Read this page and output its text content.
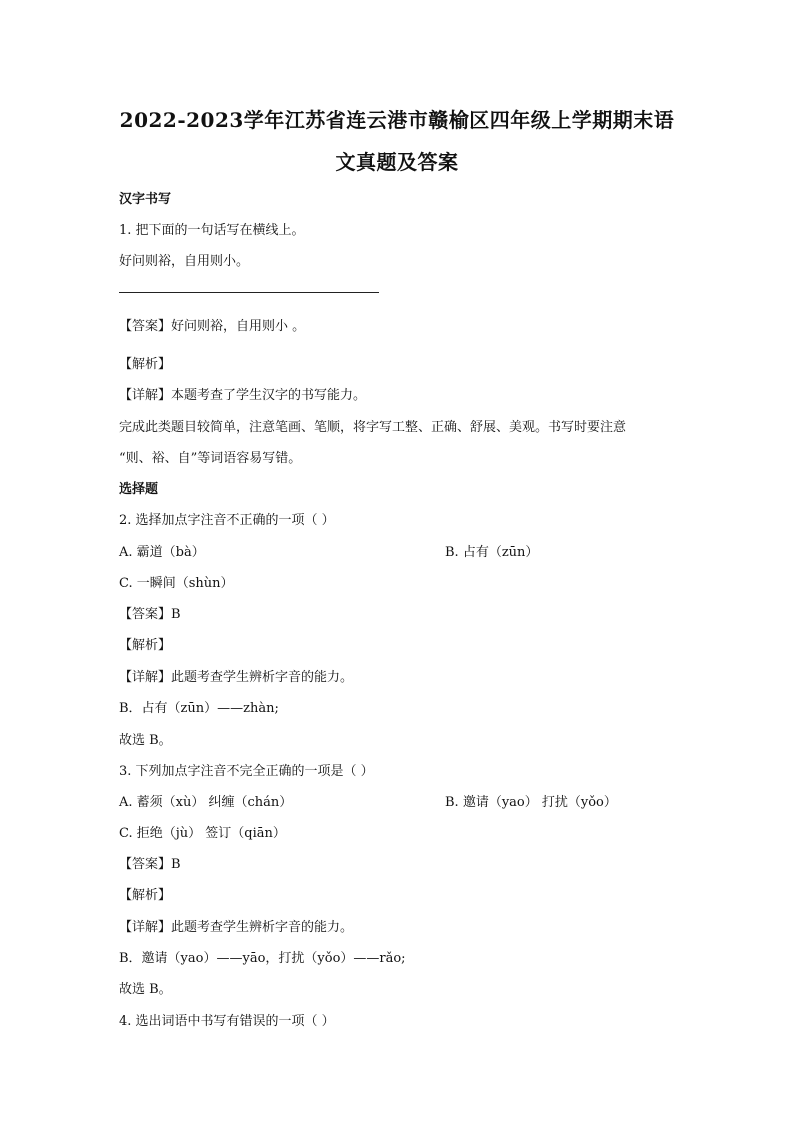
2022-2023学年江苏省连云港市赣榆区四年级上学期期末语
文真题及答案
汉字书写
1. 把下面的一句话写在横线上。
好问则裕，自用则小。
【答案】好问则裕，自用则小 。
【解析】
【详解】本题考查了学生汉字的书写能力。
完成此类题目较简单，注意笔画、笔顺，将字写工整、正确、舒展、美观。书写时要注意
“则、裕、自”等词语容易写错。
选择题
2. 选择加点字注音不正确的一项（ ）
A. 霸道（bà）	B. 占有（zūn）
C. 一瞬间（shùn）
【答案】B
【解析】
【详解】此题考查学生辨析字音的能力。
B．占有（zūn）——zhàn;
故选 B。
3. 下列加点字注音不完全正确的一项是（ ）
A. 蓄须（xù） 纠缠（chán）	B. 邀请（yao） 打扰（yǒo）
C. 拒绝（jù） 签订（qiān）
【答案】B
【解析】
【详解】此题考查学生辨析字音的能力。
B．邀请（yao）——yāo，打扰（yǒo）——rǎo;
故选 B。
4. 选出词语中书写有错误的一项（ ）
